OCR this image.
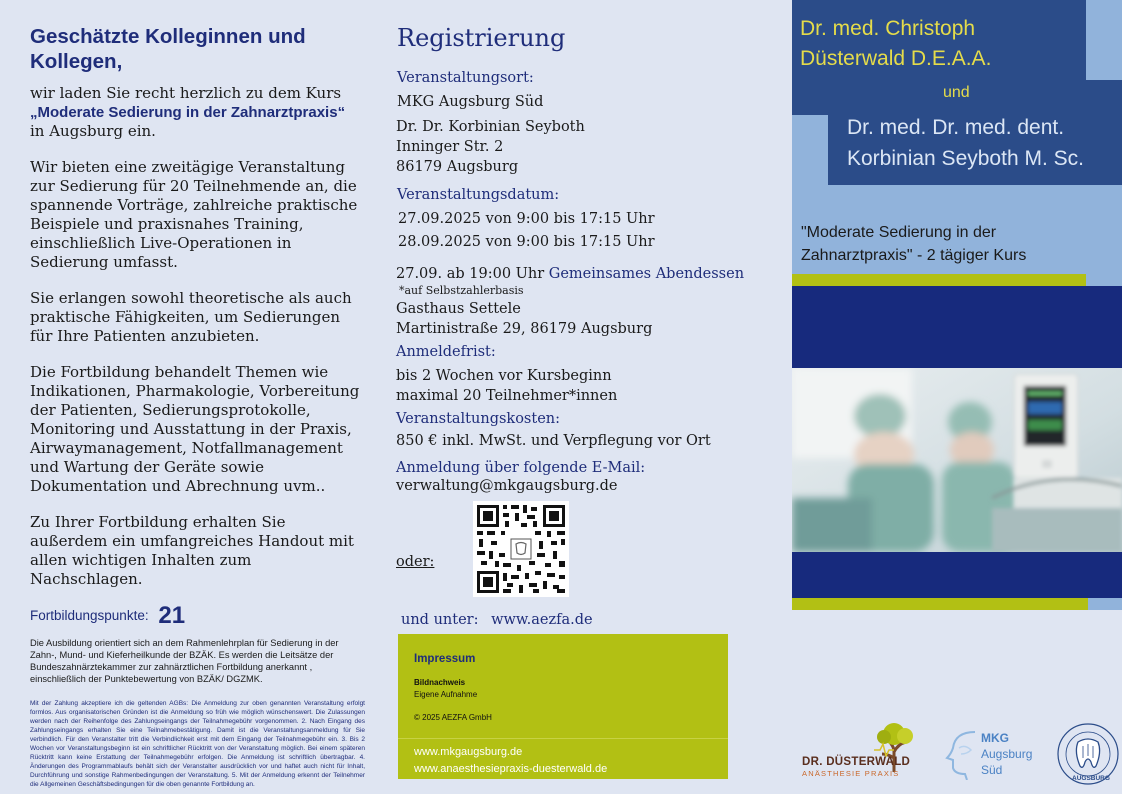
Geschätzte Kolleginnen und Kollegen,

wir laden Sie recht herzlich zu dem Kurs
„Moderate Sedierung in der Zahnarztpraxis“
in Augsburg ein.

Wir bieten eine zweitägige Veranstaltung zur Sedierung für 20 Teilnehmende an, die spannende Vorträge, zahlreiche praktische Beispiele und praxisnahes Training, einschließlich Live-Operationen in Sedierung umfasst.

Sie erlangen sowohl theoretische als auch praktische Fähigkeiten, um Sedierungen für Ihre Patienten anzubieten.

Die Fortbildung behandelt Themen wie Indikationen, Pharmakologie, Vorbereitung der Patienten, Sedierungsprotokolle, Monitoring und Ausstattung in der Praxis, Airwaymanagement, Notfallmanagement und Wartung der Geräte sowie Dokumentation und Abrechnung uvm..

Zu Ihrer Fortbildung erhalten Sie außerdem ein umfangreiches Handout mit allen wichtigen Inhalten zum Nachschlagen.

Fortbildungspunkte: 21
Die Ausbildung orientiert sich an dem Rahmenlehrplan für Sedierung in der Zahn-, Mund- und Kieferheilkunde der BZÄK. Es werden die Leitsätze der Bundeszahnärztekammer zur zahnärztlichen Fortbildung anerkannt , einschließlich der Punktebewertung von BZÄK/ DGZMK.
Mit der Zahlung akzeptiere ich die geltenden AGBs: Die Anmeldung zur oben genannten Veranstaltung erfolgt formlos. Aus organisatorischen Gründen ist die Anmeldung so früh wie möglich wünschenswert. Die Zulassungen werden nach der Reihenfolge des Zahlungseingangs der Teilnahmegebühr vorgenommen. 2. Nach Eingang des Zahlungseingangs erhalten Sie eine Teilnahmebestätigung. Damit ist die Veranstaltungsanmeldung für Sie verbindlich. Für den Veranstalter tritt die Verbindlichkeit erst mit dem Eingang der Teilnahmegebühr ein. 3. Bis 2 Wochen vor Veranstaltungsbeginn ist ein schriftlicher Rücktritt von der Veranstaltung möglich. Bei einem späteren Rücktritt kann keine Erstattung der Teilnahmegebühr erfolgen. Die Anmeldung ist schriftlich übertragbar. 4. Änderungen des Programmablaufs behält sich der Veranstalter ausdrücklich vor und haftet auch nicht für Inhalt, Durchführung und sonstige Rahmenbedingungen der Veranstaltung. 5. Mit der Anmeldung erkennt der Teilnehmer die Allgemeinen Geschäftsbedingungen für die oben genannte Fortbildung an.
Registrierung
Veranstaltungsort:
MKG Augsburg Süd
Dr. Dr. Korbinian Seyboth
Inninger Str. 2
86179 Augsburg
Veranstaltungsdatum:
27.09.2025 von 9:00 bis 17:15 Uhr
28.09.2025 von 9:00 bis 17:15 Uhr
27.09. ab 19:00 Uhr Gemeinsames Abendessen
*auf Selbstzahlerbasis
Gasthaus Settele
Martinistraße 29, 86179 Augsburg
Anmeldefrist:
bis 2 Wochen vor Kursbeginn
maximal 20 Teilnehmer*innen
Veranstaltungskosten:
850 € inkl. MwSt. und Verpflegung vor Ort
Anmeldung über folgende E-Mail:
verwaltung@mkgaugsburg.de
oder:
und unter: www.aezfa.de
Impressum
Bildnachweis
Eigene Aufnahme
© 2025 AEZFA GmbH
www.mkgaugsburg.de
www.anaesthesiepraxis-duesterwald.de
Dr. med. Christoph
Düsterwald D.E.A.A.
und
Dr. med. Dr. med. dent.
Korbinian Seyboth M. Sc.
"Moderate Sedierung in der
Zahnarztpraxis" - 2 tägiger Kurs
DR. DÜSTERWALD
ANÄSTHESIE PRAXIS
MKG
Augsburg
Süd
AUGSBURG
